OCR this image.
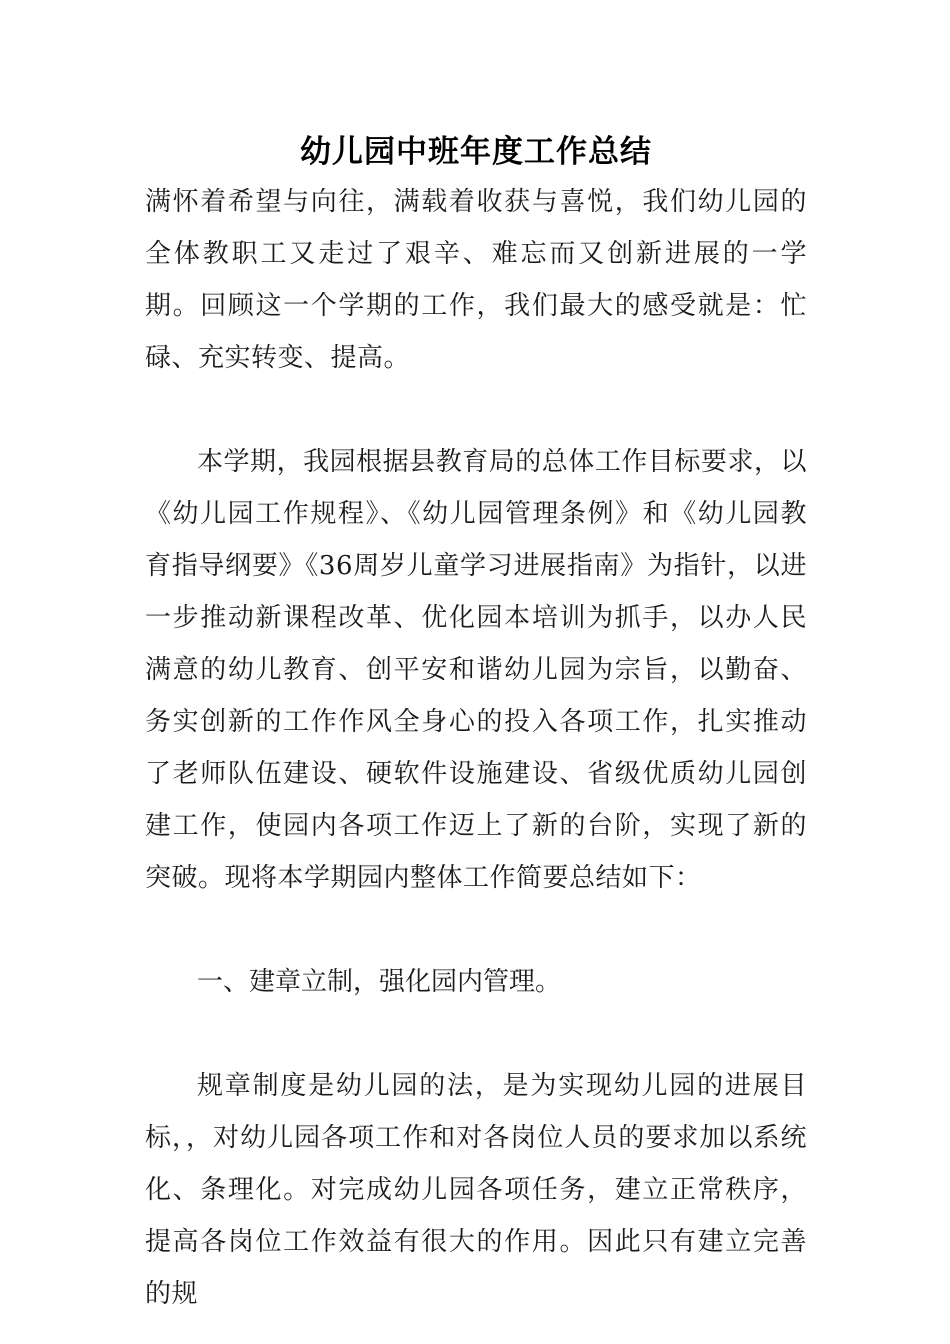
幼儿园中班年度工作总结

满怀着希望与向往，满载着收获与喜悦，我们幼儿园的全体教职工又走过了艰辛、难忘而又创新进展的一学期。回顾这一个学期的工作，我们最大的感受就是：忙碌、充实转变、提高。

本学期，我园根据县教育局的总体工作目标要求，以《幼儿园工作规程》、《幼儿园管理条例》和《幼儿园教育指导纲要》《36周岁儿童学习进展指南》为指针，以进一步推动新课程改革、优化园本培训为抓手，以办人民满意的幼儿教育、创平安和谐幼儿园为宗旨，以勤奋、务实创新的工作作风全身心的投入各项工作，扎实推动了老师队伍建设、硬软件设施建设、省级优质幼儿园创建工作，使园内各项工作迈上了新的台阶，实现了新的突破。现将本学期园内整体工作简要总结如下：

一、建章立制，强化园内管理。

规章制度是幼儿园的法，是为实现幼儿园的进展目标，，对幼儿园各项工作和对各岗位人员的要求加以系统化、条理化。对完成幼儿园各项任务，建立正常秩序，提高各岗位工作效益有很大的作用。因此只有建立完善的规
